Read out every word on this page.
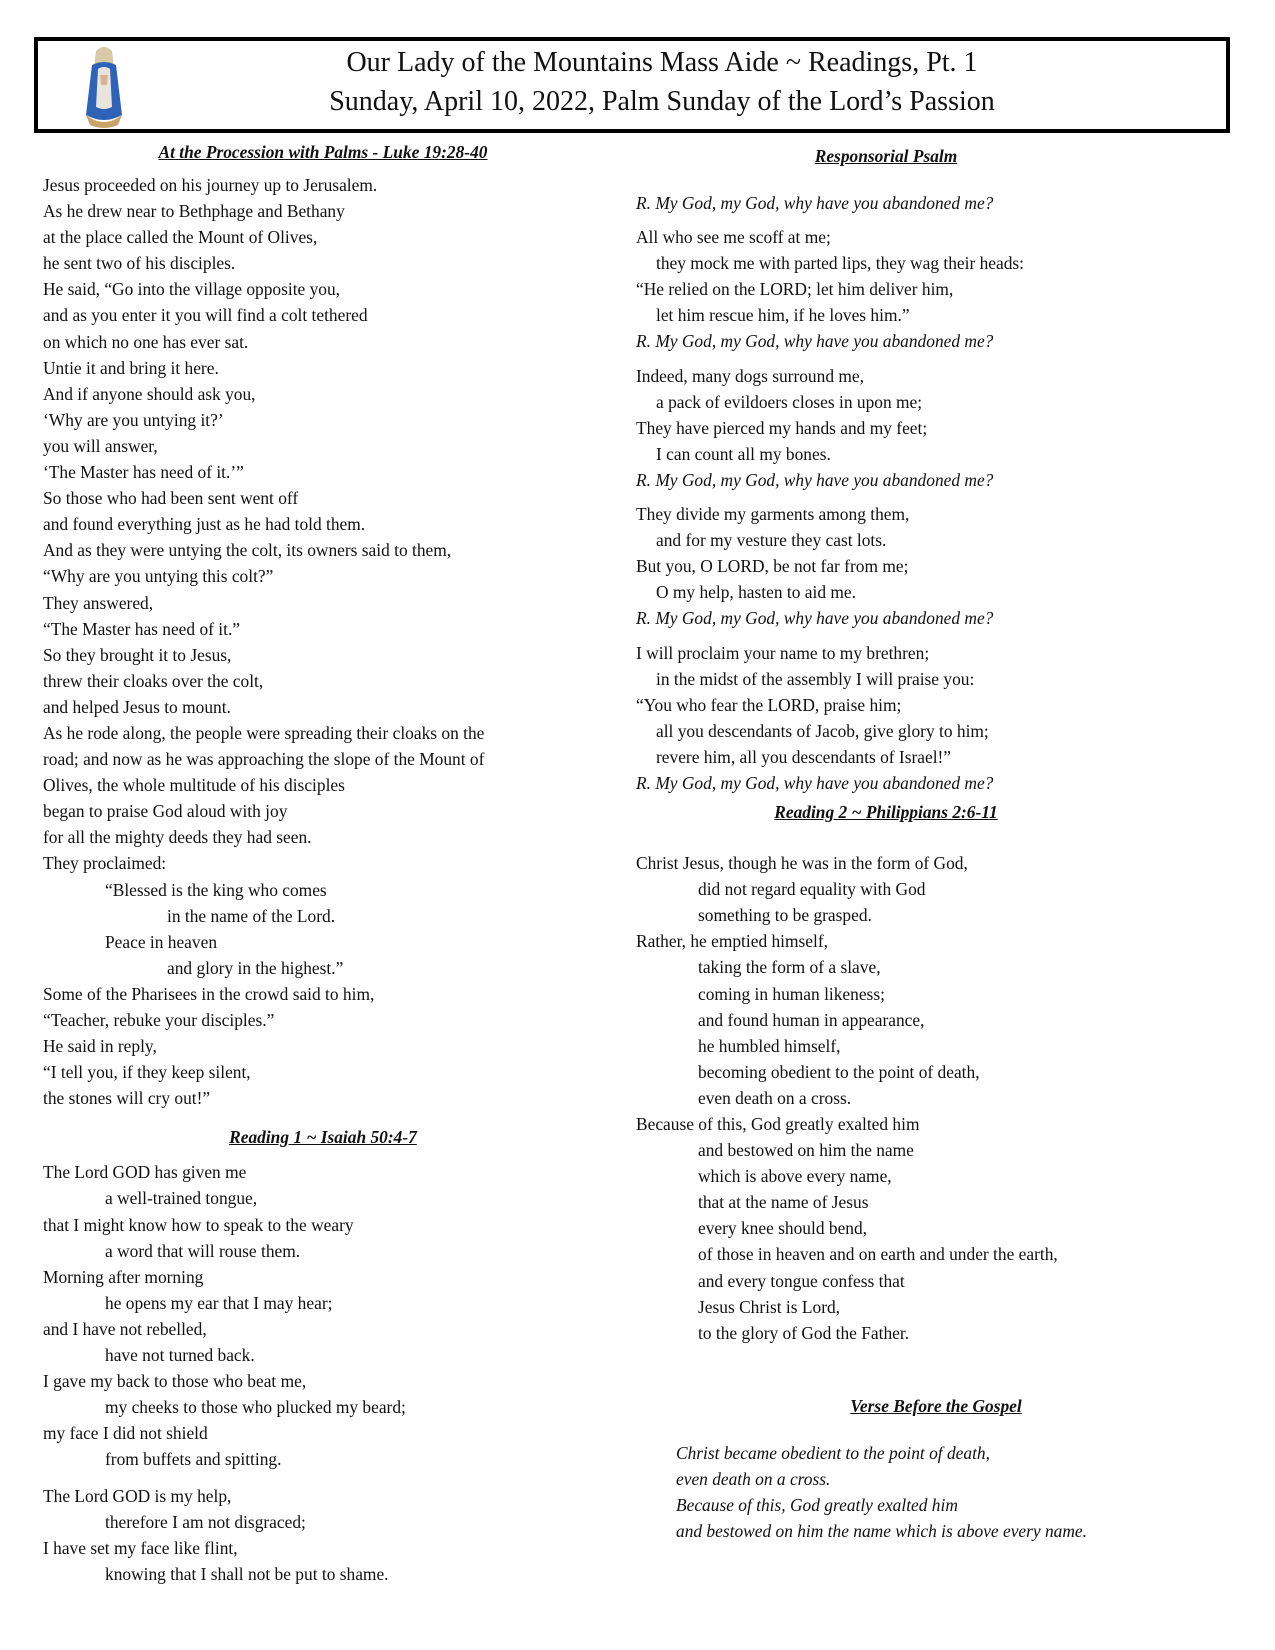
Our Lady of the Mountains Mass Aide ~ Readings, Pt. 1
Sunday, April 10, 2022, Palm Sunday of the Lord’s Passion
At the Procession with Palms - Luke 19:28-40
Jesus proceeded on his journey up to Jerusalem.
As he drew near to Bethphage and Bethany
at the place called the Mount of Olives,
he sent two of his disciples.
He said, “Go into the village opposite you,
and as you enter it you will find a colt tethered
on which no one has ever sat.
Untie it and bring it here.
And if anyone should ask you,
‘Why are you untying it?’
you will answer,
‘The Master has need of it.’”
So those who had been sent went off
and found everything just as he had told them.
And as they were untying the colt, its owners said to them,
“Why are you untying this colt?”
They answered,
“The Master has need of it.”
So they brought it to Jesus,
threw their cloaks over the colt,
and helped Jesus to mount.
As he rode along, the people were spreading their cloaks on the
road; and now as he was approaching the slope of the Mount of
Olives, the whole multitude of his disciples
began to praise God aloud with joy
for all the mighty deeds they had seen.
They proclaimed:
“Blessed is the king who comes
in the name of the Lord.
Peace in heaven
and glory in the highest.”
Some of the Pharisees in the crowd said to him,
“Teacher, rebuke your disciples.”
He said in reply,
“I tell you, if they keep silent,
the stones will cry out!”
Reading 1 ~ Isaiah 50:4-7
The Lord GOD has given me
a well-trained tongue,
that I might know how to speak to the weary
a word that will rouse them.
Morning after morning
he opens my ear that I may hear;
and I have not rebelled,
have not turned back.
I gave my back to those who beat me,
my cheeks to those who plucked my beard;
my face I did not shield
from buffets and spitting.
The Lord GOD is my help,
therefore I am not disgraced;
I have set my face like flint,
knowing that I shall not be put to shame.
Responsorial Psalm
R. My God, my God, why have you abandoned me?
All who see me scoff at me;
they mock me with parted lips, they wag their heads:
“He relied on the LORD; let him deliver him,
let him rescue him, if he loves him.”
R. My God, my God, why have you abandoned me?
Indeed, many dogs surround me,
a pack of evildoers closes in upon me;
They have pierced my hands and my feet;
I can count all my bones.
R. My God, my God, why have you abandoned me?
They divide my garments among them,
and for my vesture they cast lots.
But you, O LORD, be not far from me;
O my help, hasten to aid me.
R. My God, my God, why have you abandoned me?
I will proclaim your name to my brethren;
in the midst of the assembly I will praise you:
“You who fear the LORD, praise him;
all you descendants of Jacob, give glory to him;
revere him, all you descendants of Israel!”
R. My God, my God, why have you abandoned me?
Reading 2 ~ Philippians 2:6-11
Christ Jesus, though he was in the form of God,
did not regard equality with God
something to be grasped.
Rather, he emptied himself,
taking the form of a slave,
coming in human likeness;
and found human in appearance,
he humbled himself,
becoming obedient to the point of death,
even death on a cross.
Because of this, God greatly exalted him
and bestowed on him the name
which is above every name,
that at the name of Jesus
every knee should bend,
of those in heaven and on earth and under the earth,
and every tongue confess that
Jesus Christ is Lord,
to the glory of God the Father.
Verse Before the Gospel
Christ became obedient to the point of death,
even death on a cross.
Because of this, God greatly exalted him
and bestowed on him the name which is above every name.
